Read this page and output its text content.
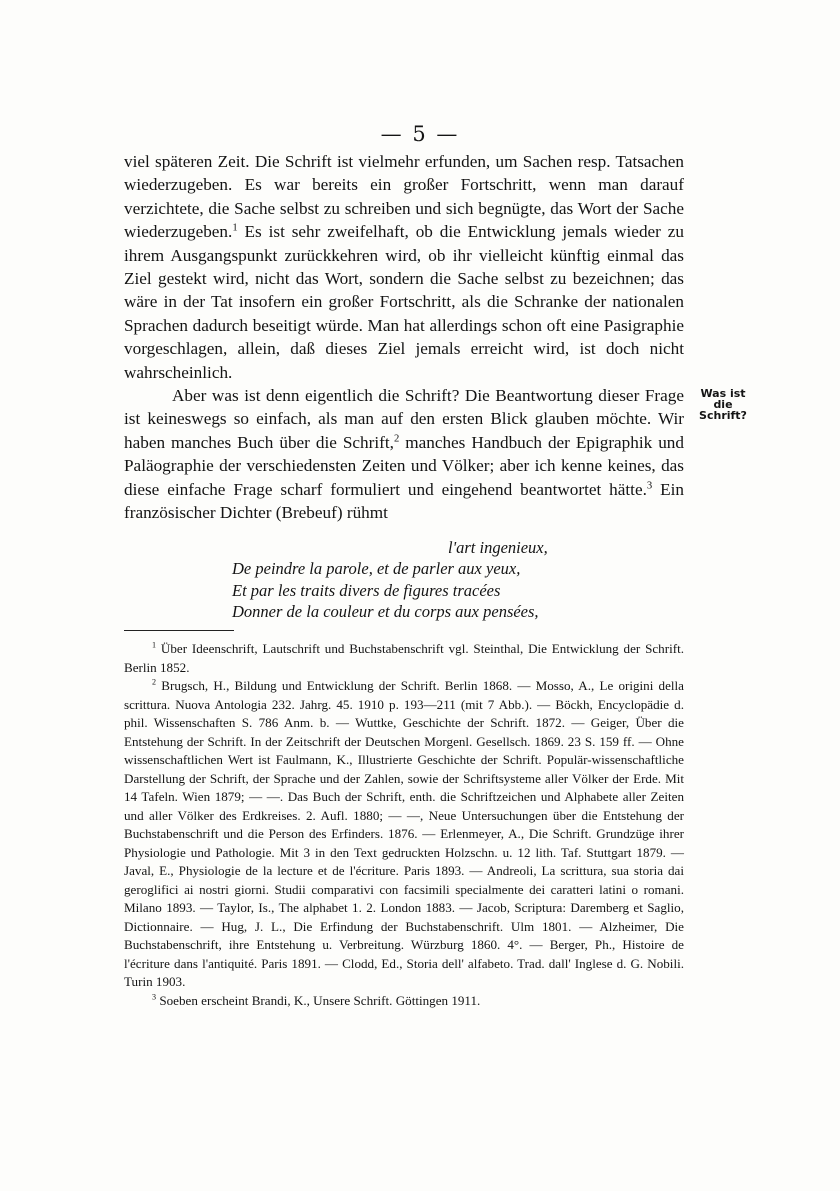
— 5 —

viel späteren Zeit. Die Schrift ist vielmehr erfunden, um Sachen resp. Tatsachen wiederzugeben. Es war bereits ein großer Fortschritt, wenn man darauf verzichtete, die Sache selbst zu schreiben und sich begnügte, das Wort der Sache wiederzugeben.$^1$ Es ist sehr zweifelhaft, ob die Entwicklung jemals wieder zu ihrem Ausgangspunkt zurückkehren wird, ob ihr vielleicht künftig einmal das Ziel gestekt wird, nicht das Wort, sondern die Sache selbst zu bezeichnen; das wäre in der Tat insofern ein großer Fortschritt, als die Schranke der nationalen Sprachen dadurch beseitigt würde. Man hat allerdings schon oft eine Pasigraphie vorgeschlagen, allein, daß dieses Ziel jemals erreicht wird, ist doch nicht wahrscheinlich.

Aber was ist denn eigentlich die Schrift? Die Beantwortung dieser Frage ist keineswegs so einfach, als man auf den ersten Blick glauben möchte. Wir haben manches Buch über die Schrift,$^2$ manches Handbuch der Epigraphik und Paläographie der verschiedensten Zeiten und Völker; aber ich kenne keines, das diese einfache Frage scharf formuliert und eingehend beantwortet hätte.$^3$ Ein französischer Dichter (Brebeuf) rühmt

Was ist die Schrift?
l'art ingenieux,
De peindre la parole, et de parler aux yeux,
Et par les traits divers de figures tracées
Donner de la couleur et du corps aux pensées,

$^1$ Über Ideenschrift, Lautschrift und Buchstabenschrift vgl. Steinthal, Die Entwicklung der Schrift. Berlin 1852.

$^2$ Brugsch, H., Bildung und Entwicklung der Schrift. Berlin 1868. — Mosso, A., Le origini della scrittura. Nuova Antologia 232. Jahrg. 45. 1910 p. 193—211 (mit 7 Abb.). — Böckh, Encyclopädie d. phil. Wissenschaften S. 786 Anm. b. — Wuttke, Geschichte der Schrift. 1872. — Geiger, Über die Entstehung der Schrift. In der Zeitschrift der Deutschen Morgenl. Gesellsch. 1869. 23 S. 159 ff. — Ohne wissenschaftlichen Wert ist Faulmann, K., Illustrierte Geschichte der Schrift. Populär-wissenschaftliche Darstellung der Schrift, der Sprache und der Zahlen, sowie der Schriftsysteme aller Völker der Erde. Mit 14 Tafeln. Wien 1879; — —. Das Buch der Schrift, enth. die Schriftzeichen und Alphabete aller Zeiten und aller Völker des Erdkreises. 2. Aufl. 1880; — —, Neue Untersuchungen über die Entstehung der Buchstabenschrift und die Person des Erfinders. 1876. — Erlenmeyer, A., Die Schrift. Grundzüge ihrer Physiologie und Pathologie. Mit 3 in den Text gedruckten Holzschn. u. 12 lith. Taf. Stuttgart 1879. — Javal, E., Physiologie de la lecture et de l'écriture. Paris 1893. — Andreoli, La scrittura, sua storia dai geroglifici ai nostri giorni. Studii comparativi con facsimili specialmente dei caratteri latini o romani. Milano 1893. — Taylor, Is., The alphabet 1. 2. London 1883. — Jacob, Scriptura: Daremberg et Saglio, Dictionnaire. — Hug, J. L., Die Erfindung der Buchstabenschrift. Ulm 1801. — Alzheimer, Die Buchstabenschrift, ihre Entstehung u. Verbreitung. Würzburg 1860. 4°. — Berger, Ph., Histoire de l'écriture dans l'antiquité. Paris 1891. — Clodd, Ed., Storia dell' alfabeto. Trad. dall' Inglese d. G. Nobili. Turin 1903.

$^3$ Soeben erscheint Brandi, K., Unsere Schrift. Göttingen 1911.
